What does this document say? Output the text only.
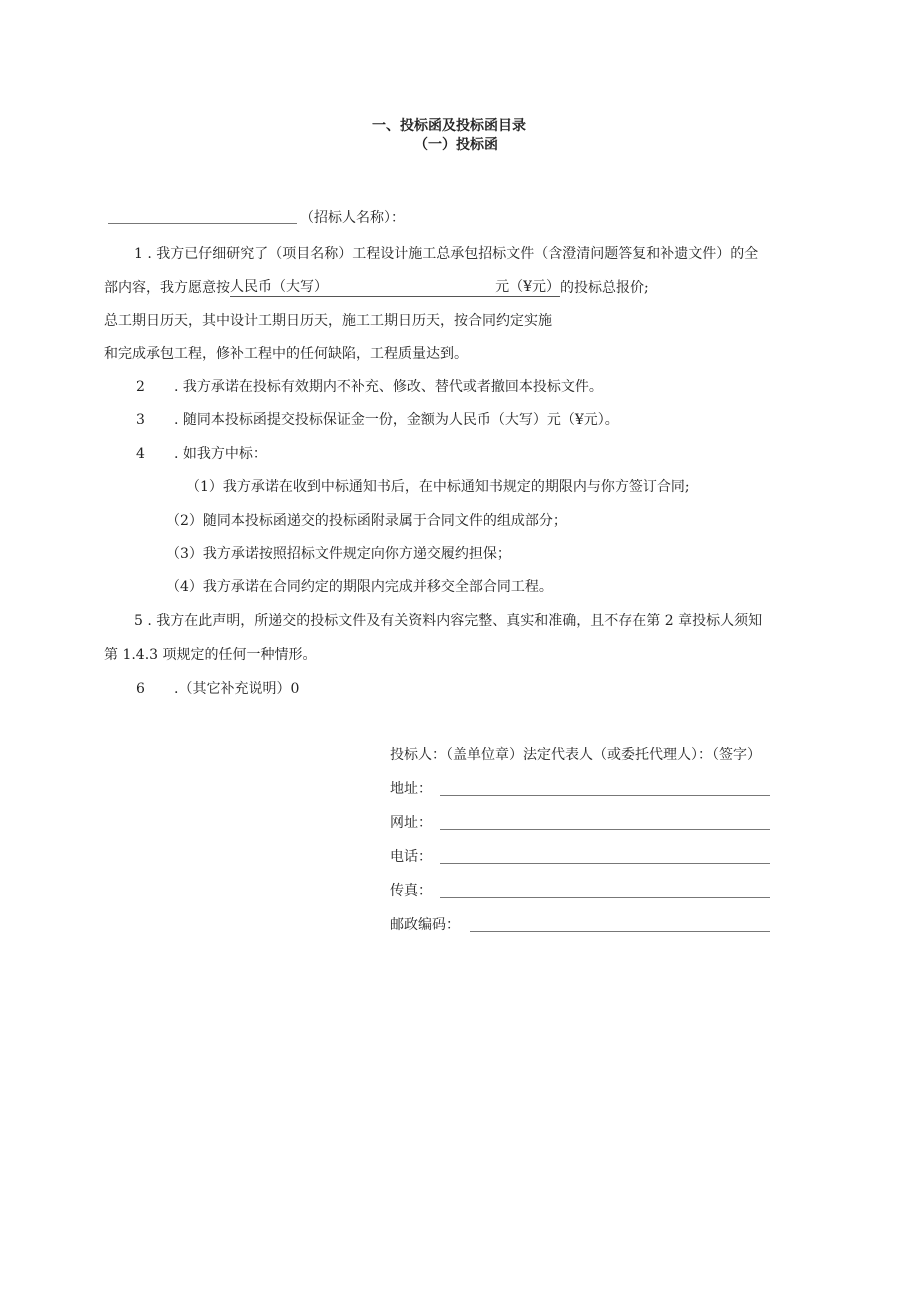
一、投标函及投标函目录
（一）投标函
（招标人名称）：
1 . 我方已仔细研究了（项目名称）工程设计施工总承包招标文件（含澄清问题答复和补遗文件）的全
部内容，我方愿意按人民币（大写）	元（¥元） 的投标总报价;
总工期日历天，其中设计工期日历天，施工工期日历天，按合同约定实施
和完成承包工程，修补工程中的任何缺陷，工程质量达到。
2 . 我方承诺在投标有效期内不补充、修改、替代或者撤回本投标文件。
3 . 随同本投标函提交投标保证金一份，金额为人民币（大写）元（¥元）。
4 . 如我方中标：
（1）我方承诺在收到中标通知书后，在中标通知书规定的期限内与你方签订合同;
（2）随同本投标函递交的投标函附录属于合同文件的组成部分；
（3）我方承诺按照招标文件规定向你方递交履约担保；
（4）我方承诺在合同约定的期限内完成并移交全部合同工程。
5 . 我方在此声明，所递交的投标文件及有关资料内容完整、真实和准确，且不存在第 2 章投标人须知
第 1.4.3 项规定的任何一种情形。
6 .（其它补充说明）0
投标人：（盖单位章）法定代表人（或委托代理人）：（签字）
地址：
网址：
电话：
传真：
邮政编码：
